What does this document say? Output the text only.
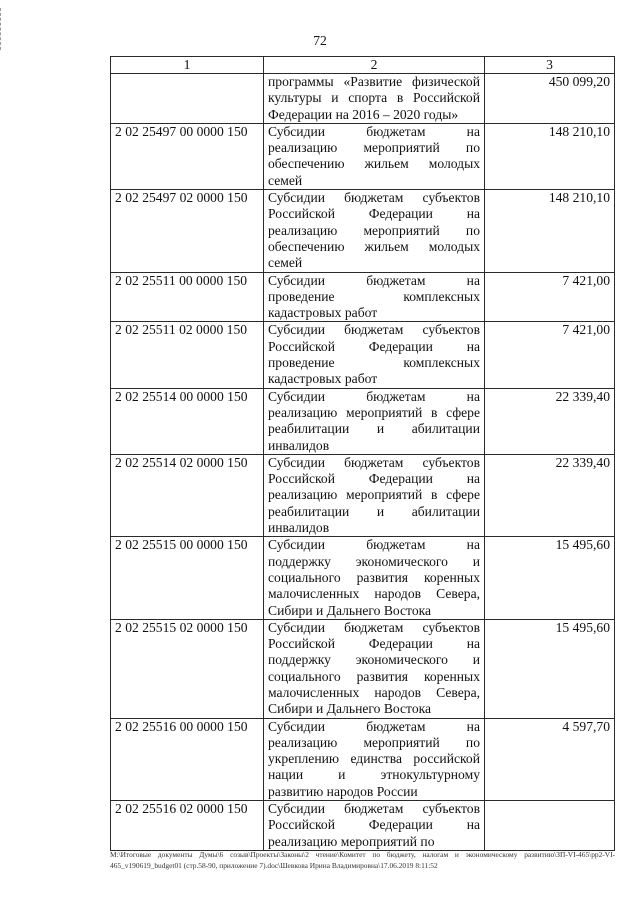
72
1	2	3

	программы «Развитие физической
культуры и спорта в Российской
Федерации на 2016 – 2020 годы»	450 099,20
2 02 25497 00 0000 150	Субсидии бюджетам на
реализацию мероприятий по
обеспечению жильем молодых
семей	148 210,10
2 02 25497 02 0000 150	Субсидии бюджетам субъектов
Российской Федерации на
реализацию мероприятий по
обеспечению жильем молодых
семей	148 210,10
2 02 25511 00 0000 150	Субсидии бюджетам на
проведение комплексных
кадастровых работ	7 421,00
2 02 25511 02 0000 150	Субсидии бюджетам субъектов
Российской Федерации на
проведение комплексных
кадастровых работ	7 421,00
2 02 25514 00 0000 150	Субсидии бюджетам на
реализацию мероприятий в сфере
реабилитации и абилитации
инвалидов	22 339,40
2 02 25514 02 0000 150	Субсидии бюджетам субъектов
Российской Федерации на
реализацию мероприятий в сфере
реабилитации и абилитации
инвалидов	22 339,40
2 02 25515 00 0000 150	Субсидии бюджетам на
поддержку экономического и
социального развития коренных
малочисленных народов Севера,
Сибири и Дальнего Востока	15 495,60
2 02 25515 02 0000 150	Субсидии бюджетам субъектов
Российской Федерации на
поддержку экономического и
социального развития коренных
малочисленных народов Севера,
Сибири и Дальнего Востока
	15 495,60
2 02 25516 00 0000 150	Субсидии бюджетам на
реализацию мероприятий по
укреплению единства российской
нации и этнокультурному
развитию народов России	4 597,70
2 02 25516 02 0000 150	Субсидии бюджетам субъектов
Российской Федерации на
реализацию мероприятий по	

M:\Итоговые документы Думы\6 созыв\Проекты\Законы\2 чтение\Комитет по бюджету, налогам и экономическому развитию\ЗП-VI-465\рр2-VI-465_v190619_budget01 (стр.58-90, приложение 7).doc\Шевкова Ирина Владимировна\17.06.2019 8:11:52
